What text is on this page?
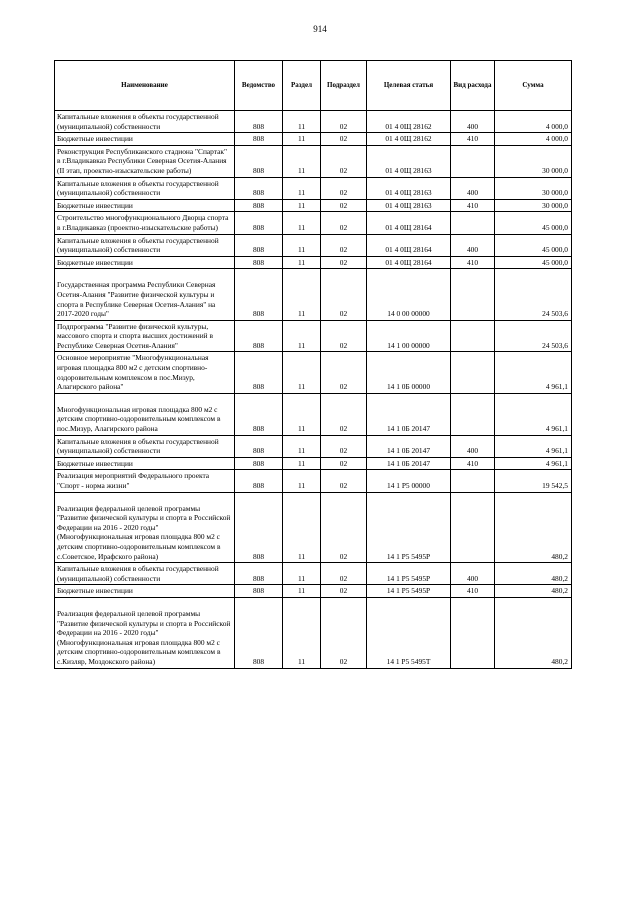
914
Наименование	Ведомство	Раздел	Подраздел	Целевая статья	Вид расхода	Сумма
Капитальные вложения в объекты государственной (муниципальной) собственности	808	11	02	01 4 0Щ 28162	400	4 000,0
Бюджетные инвестиции	808	11	02	01 4 0Щ 28162	410	4 000,0
Реконструкция Республиканского стадиона "Спартак" в г.Владикавказ Республики Северная Осетия-Алания (II этап, проектно-изыскательские работы)	808	11	02	01 4 0Щ 28163		30 000,0
Капитальные вложения в объекты государственной (муниципальной) собственности	808	11	02	01 4 0Щ 28163	400	30 000,0
Бюджетные инвестиции	808	11	02	01 4 0Щ 28163	410	30 000,0
Строительство многофункционального Дворца спорта в г.Владикавказ (проектно-изыскательские работы)	808	11	02	01 4 0Щ 28164		45 000,0
Капитальные вложения в объекты государственной (муниципальной) собственности	808	11	02	01 4 0Щ 28164	400	45 000,0
Бюджетные инвестиции	808	11	02	01 4 0Щ 28164	410	45 000,0
Государственная программа Республики Северная Осетия-Алания "Развитие физической культуры и спорта в Республике Северная Осетия-Алания" на 2017-2020 годы"	808	11	02	14 0 00 00000		24 503,6
Подпрограмма "Развитие физической культуры, массового спорта и спорта высших достижений в Республике Северная Осетия-Алания"	808	11	02	14 1 00 00000		24 503,6
Основное мероприятие "Многофункциональная игровая площадка 800 м2 с детским спортивно-оздоровительным комплексом в пос.Мизур, Алагирского района"	808	11	02	14 1 0Б 00000		4 961,1
Многофункциональная игровая площадка 800 м2 с детским спортивно-оздоровительным комплексом в пос.Мизур, Алагирского района	808	11	02	14 1 0Б 20147		4 961,1
Капитальные вложения в объекты государственной (муниципальной) собственности	808	11	02	14 1 0Б 20147	400	4 961,1
Бюджетные инвестиции	808	11	02	14 1 0Б 20147	410	4 961,1
Реализация мероприятий Федерального проекта "Спорт - норма жизни"	808	11	02	14 1 P5 00000		19 542,5
Реализация федеральной целевой программы "Развитие физической культуры и спорта в Российской Федерации на 2016 - 2020 годы"(Многофункциональная игровая площадка 800 м2 с детским спортивно-оздоровительным комплексом в с.Советское, Ирафского района)	808	11	02	14 1 P5 5495P		480,2
Капитальные вложения в объекты государственной (муниципальной) собственности	808	11	02	14 1 P5 5495P	400	480,2
Бюджетные инвестиции	808	11	02	14 1 P5 5495P	410	480,2
Реализация федеральной целевой программы "Развитие физической культуры и спорта в Российской Федерации на 2016 - 2020 годы"(Многофункциональная игровая площадка 800 м2 с детским спортивно-оздоровительным комплексом в с.Кизляр, Моздокского района)	808	11	02	14 1 P5 5495T		480,2
